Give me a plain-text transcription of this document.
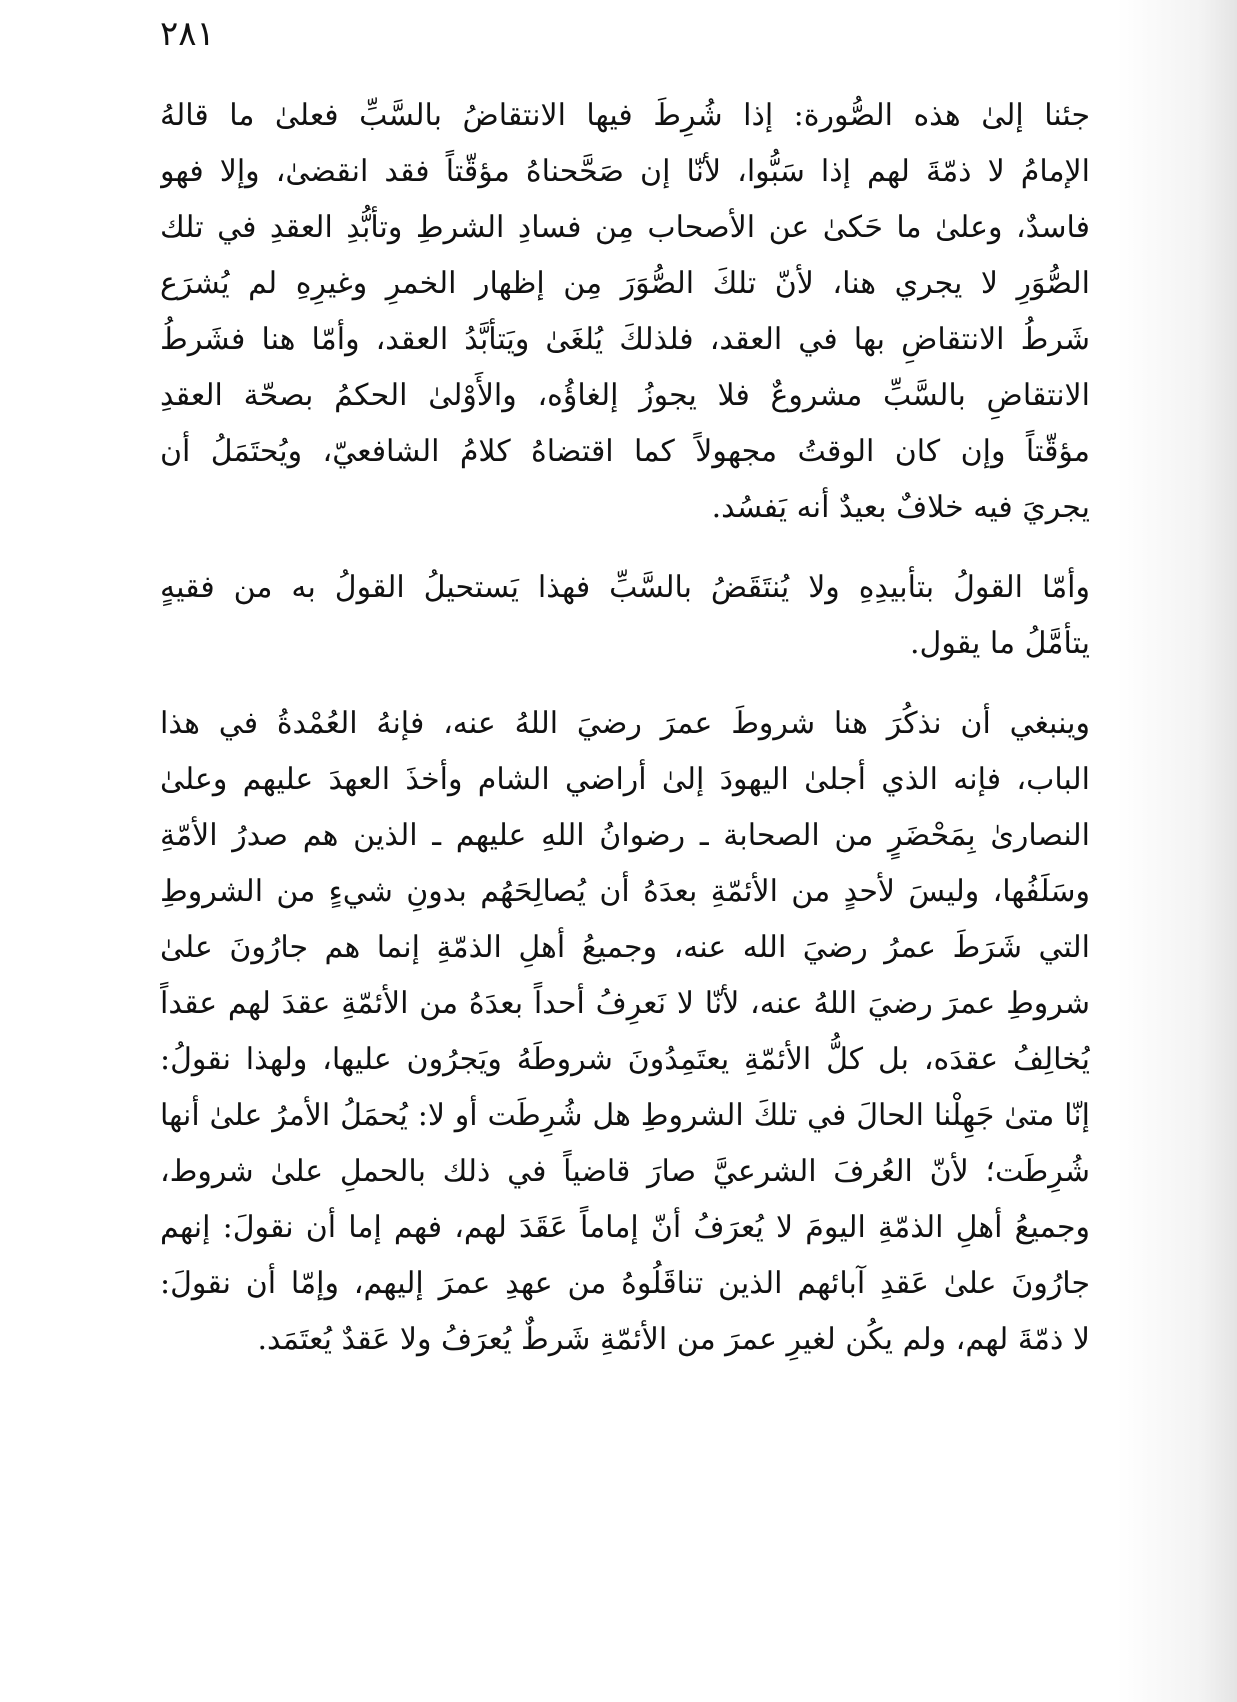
٢٨١

جئنا إلىٰ هذه الصُّورة: إذا شُرِطَ فيها الانتقاضُ بالسَّبِّ فعلىٰ ما قالهُ
الإمامُ لا ذمّةَ لهم إذا سَبُّوا، لأنّا إن صَحَّحناهُ مؤقّتاً فقد انقضىٰ، وإلا فهو
فاسدٌ، وعلىٰ ما حَكىٰ عن الأصحاب مِن فسادِ الشرطِ وتأبُّدِ العقدِ في تلك
الصُّوَرِ لا يجري هنا، لأنّ تلكَ الصُّوَرَ مِن إظهار الخمرِ وغيرِهِ لم يُشرَع
شَرطُ الانتقاضِ بها في العقد، فلذلكَ يُلغَىٰ ويَتأبَّدُ العقد، وأمّا هنا فشَرطُ
الانتقاضِ بالسَّبِّ مشروعٌ فلا يجوزُ إلغاؤُه، والأَوْلىٰ الحكمُ بصحّة العقدِ
مؤقّتاً وإن كان الوقتُ مجهولاً كما اقتضاهُ كلامُ الشافعيّ، ويُحتَمَلُ أن
يجريَ فيه خلافٌ بعيدٌ أنه يَفسُد.

وأمّا القولُ بتأبيدِهِ ولا يُنتَقَضُ بالسَّبِّ فهذا يَستحيلُ القولُ به من فقيهٍ
يتأمَّلُ ما يقول.

وينبغي أن نذكُرَ هنا شروطَ عمرَ رضيَ اللهُ عنه، فإنهُ العُمْدةُ في هذا
الباب، فإنه الذي أجلىٰ اليهودَ إلىٰ أراضي الشام وأخذَ العهدَ عليهم وعلىٰ
النصارىٰ بِمَحْضَرٍ من الصحابة ـ رضوانُ اللهِ عليهم ـ الذين هم صدرُ الأمّةِ
وسَلَفُها، وليسَ لأحدٍ من الأئمّةِ بعدَهُ أن يُصالِحَهُم بدونِ شيءٍ من الشروطِ
التي شَرَطَ عمرُ رضيَ الله عنه، وجميعُ أهلِ الذمّةِ إنما هم جارُونَ علىٰ
شروطِ عمرَ رضيَ اللهُ عنه، لأنّا لا نَعرِفُ أحداً بعدَهُ من الأئمّةِ عقدَ لهم عقداً
يُخالِفُ عقدَه، بل كلُّ الأئمّةِ يعتَمِدُونَ شروطَهُ ويَجرُون عليها، ولهذا نقولُ:
إنّا متىٰ جَهِلْنا الحالَ في تلكَ الشروطِ هل شُرِطَت أو لا: يُحمَلُ الأمرُ علىٰ أنها
شُرِطَت؛ لأنّ العُرفَ الشرعيَّ صارَ قاضياً في ذلك بالحملِ علىٰ شروط،
وجميعُ أهلِ الذمّةِ اليومَ لا يُعرَفُ أنّ إماماً عَقَدَ لهم، فهم إما أن نقولَ: إنهم
جارُونَ علىٰ عَقدِ آبائهم الذين تناقَلُوهُ من عهدِ عمرَ إليهم، وإمّا أن نقولَ:
لا ذمّةَ لهم، ولم يكُن لغيرِ عمرَ من الأئمّةِ شَرطٌ يُعرَفُ ولا عَقدٌ يُعتَمَد.
